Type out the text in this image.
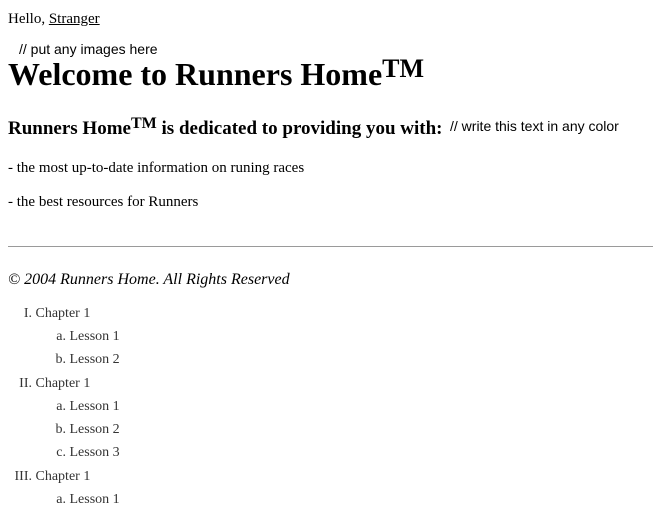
Hello, Stranger
// put any images here
Welcome to Runners Home™
Runners Home™ is dedicated to providing you with: // write this text in any color
- the most up-to-date information on runing races
- the best resources for Runners
© 2004 Runners Home. All Rights Reserved
I. Chapter 1
a. Lesson 1
b. Lesson 2
II. Chapter 1
a. Lesson 1
b. Lesson 2
c. Lesson 3
III. Chapter 1
a. Lesson 1
